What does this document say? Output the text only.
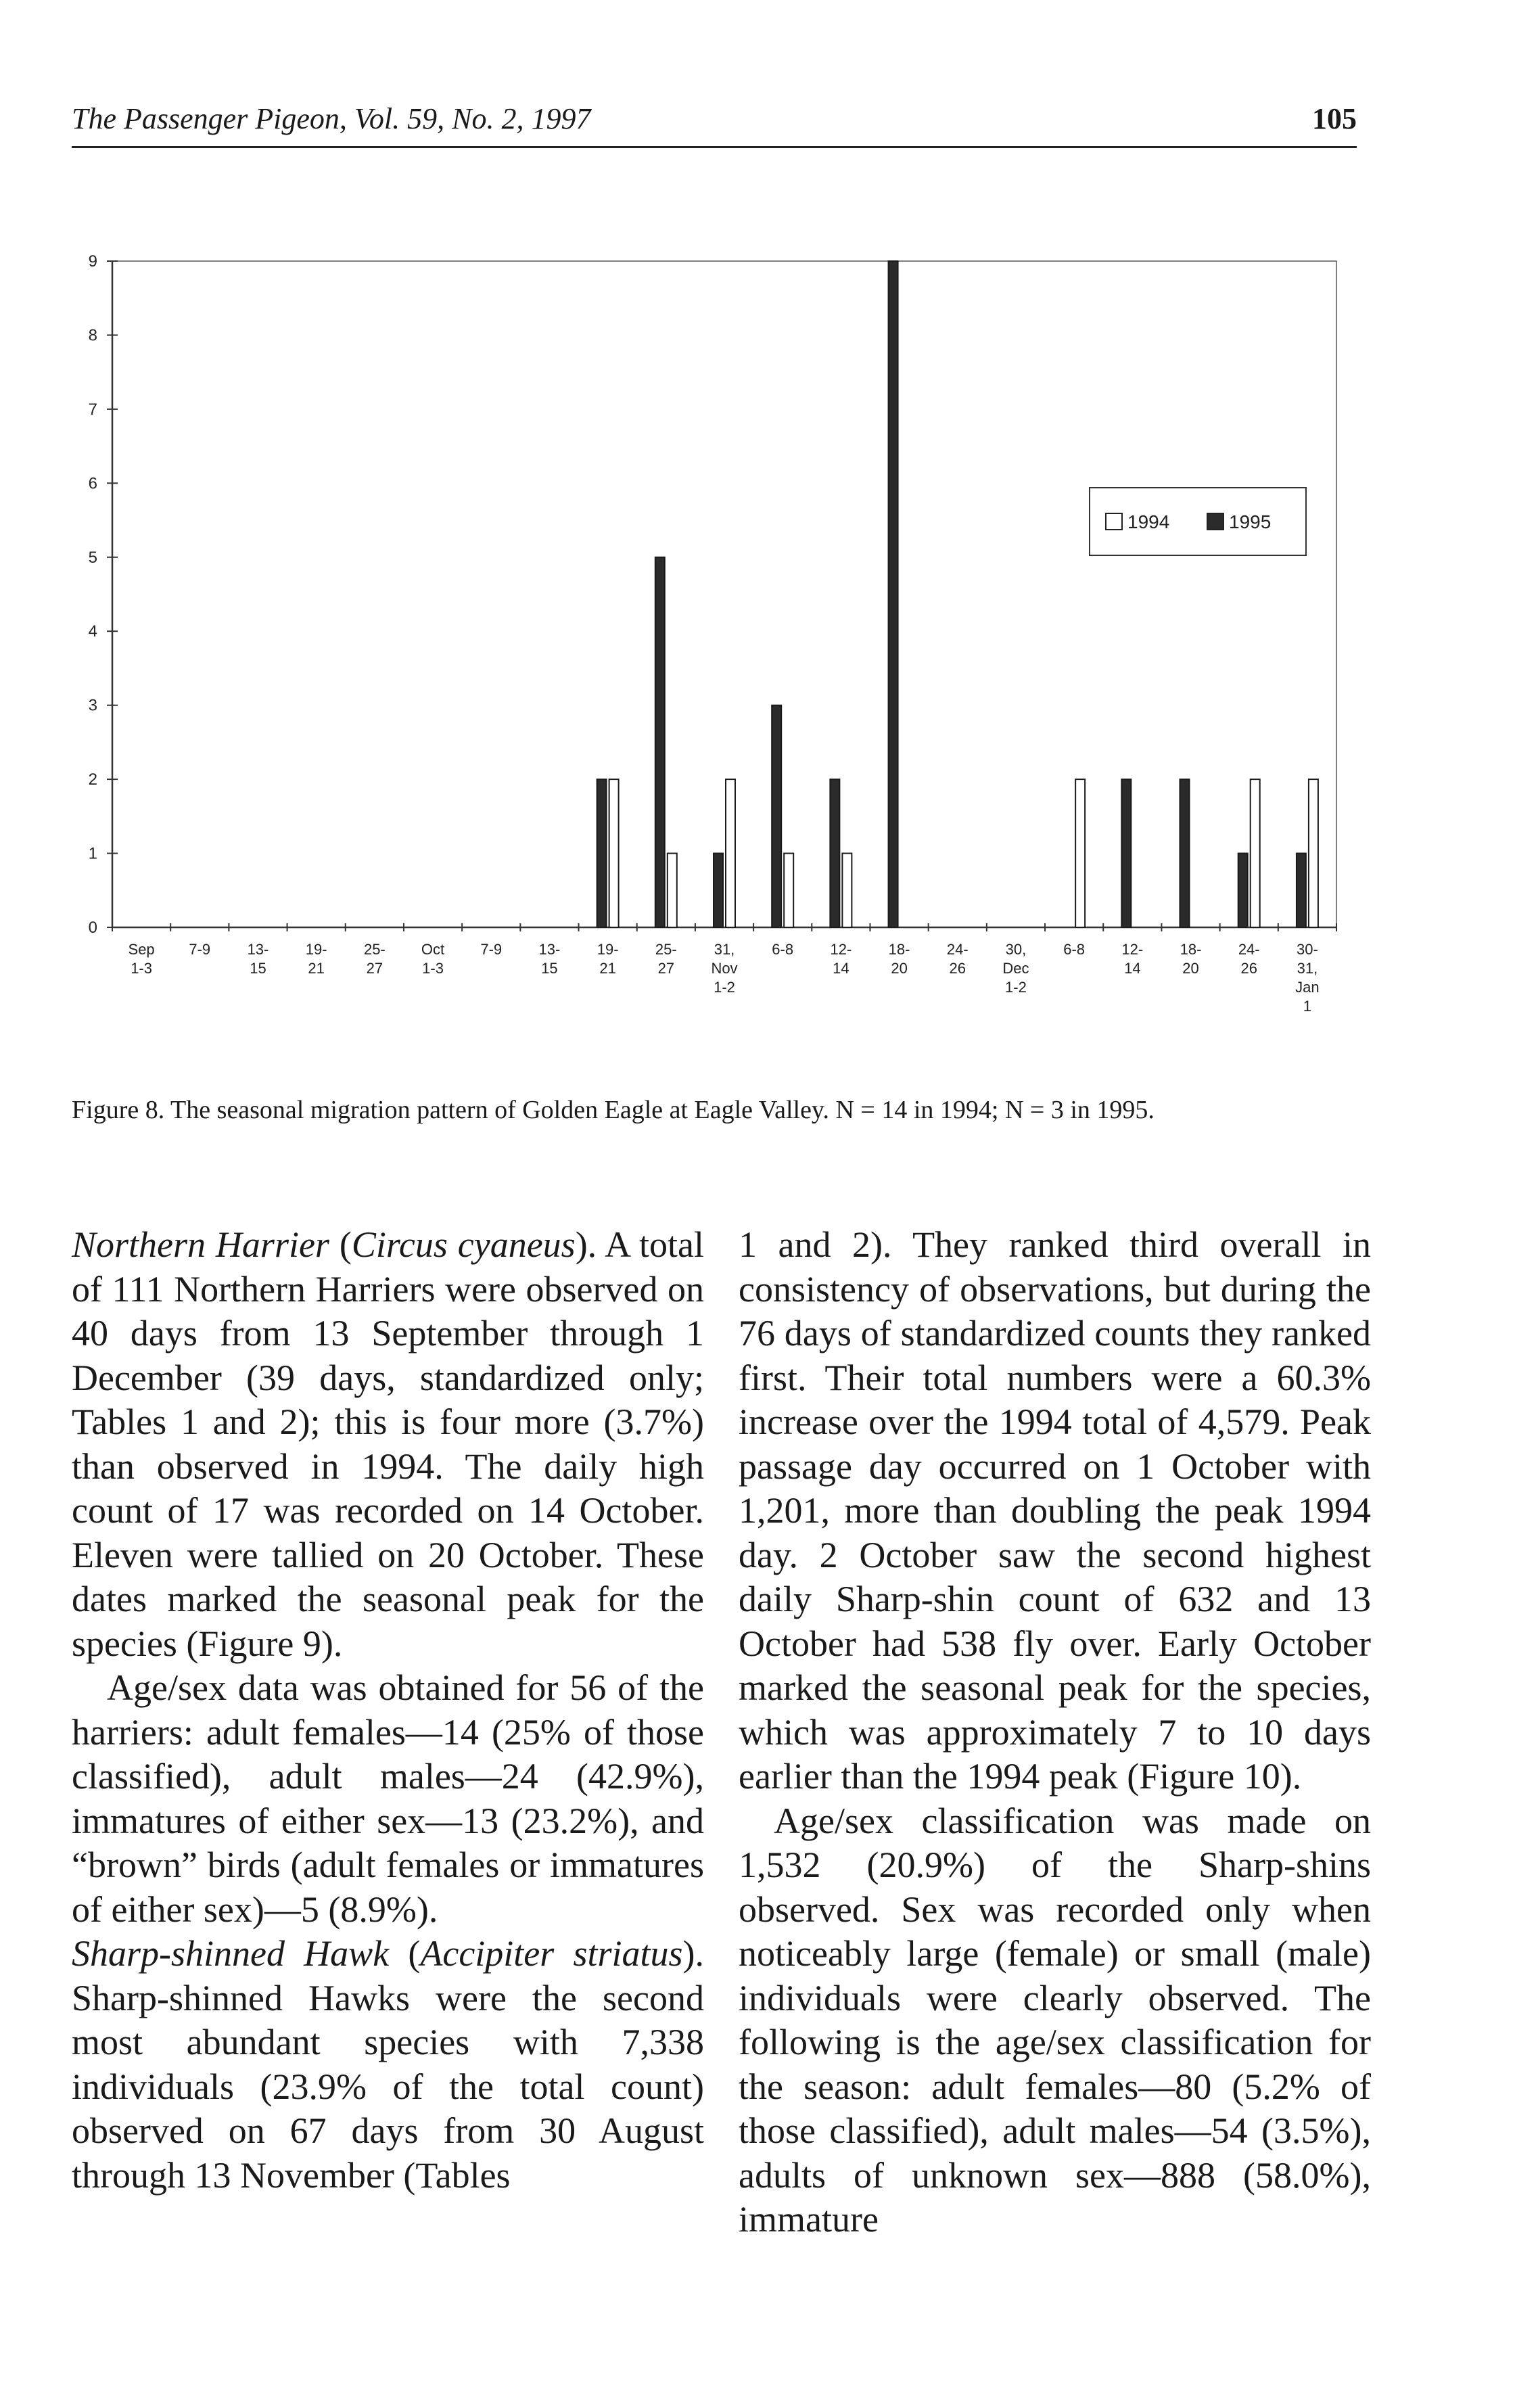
The Passenger Pigeon, Vol. 59, No. 2, 1997	105
0
1
2
3
4
5
6
7
8
9
Sep
1-3
7-9 13-
15
19-
21
25-
27
Oct
1-3
7-9 13-
15
19-
21
25-
27
31,
Nov
1-2
6-8 12-
14
18-
20
24-
26
30,
Dec
1-2
6-8 12-
14
18-
20
24-
26
30-
31,
Jan
1
1994	1995
Figure 8. The seasonal migration pattern of Golden Eagle at Eagle Valley. N = 14 in 1994; N = 3 in 1995.

Northern Harrier (Circus cyaneus). A total of 111 Northern Harriers were observed on 40 days from 13 September through 1 December (39 days, standardized only; Tables 1 and 2); this is four more (3.7%) than observed in 1994. The daily high count of 17 was recorded on 14 October. Eleven were tallied on 20 October. These dates marked the seasonal peak for the species (Figure 9).

Age/sex data was obtained for 56 of the harriers: adult females—14 (25% of those classified), adult males—24 (42.9%), immatures of either sex—13 (23.2%), and “brown” birds (adult females or immatures of either sex)—5 (8.9%).

Sharp-shinned Hawk (Accipiter striatus). Sharp-shinned Hawks were the second most abundant species with 7,338 individuals (23.9% of the total count) observed on 67 days from 30 August through 13 November (Tables

1 and 2). They ranked third overall in consistency of observations, but during the 76 days of standardized counts they ranked first. Their total numbers were a 60.3% increase over the 1994 total of 4,579. Peak passage day occurred on 1 October with 1,201, more than doubling the peak 1994 day. 2 October saw the second highest daily Sharp-shin count of 632 and 13 October had 538 fly over. Early October marked the seasonal peak for the species, which was approximately 7 to 10 days earlier than the 1994 peak (Figure 10).

Age/sex classification was made on 1,532 (20.9%) of the Sharp-shins observed. Sex was recorded only when noticeably large (female) or small (male) individuals were clearly observed. The following is the age/sex classification for the season: adult females—80 (5.2% of those classified), adult males—54 (3.5%), adults of unknown sex—888 (58.0%), immature
